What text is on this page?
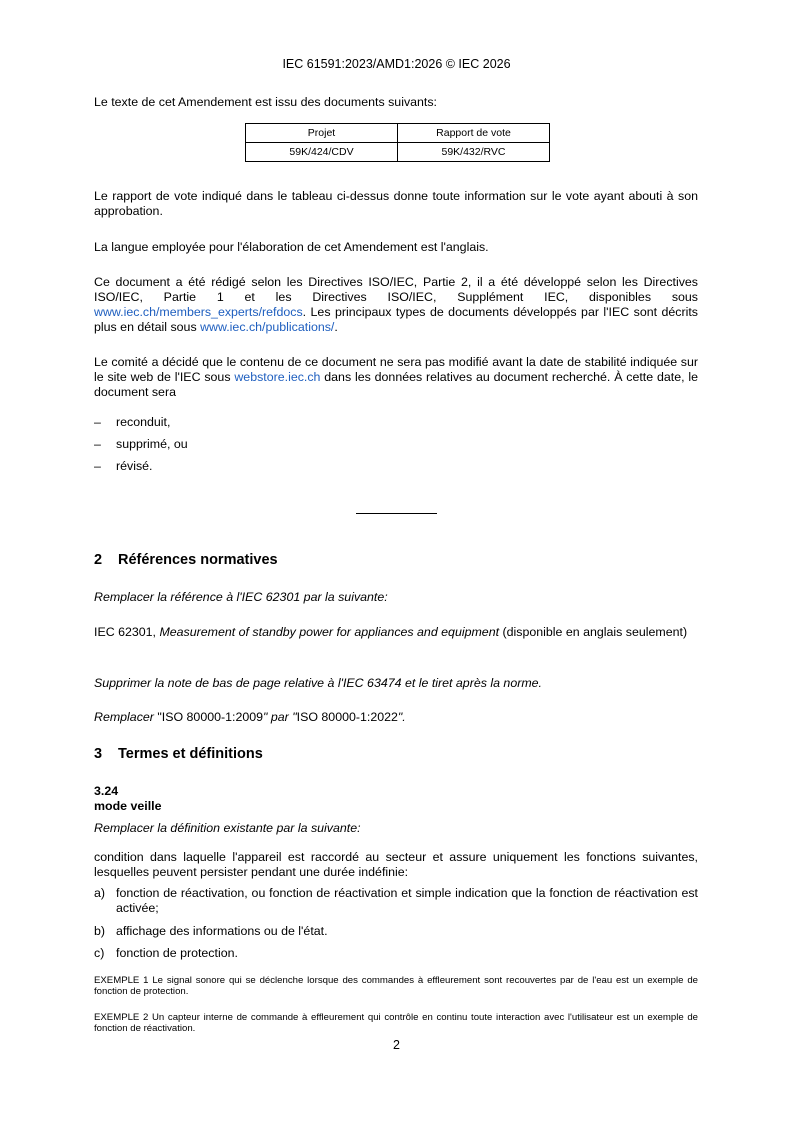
IEC 61591:2023/AMD1:2026 © IEC 2026

Le texte de cet Amendement est issu des documents suivants:

Projet	Rapport de vote
59K/424/CDV	59K/432/RVC

Le rapport de vote indiqué dans le tableau ci-dessus donne toute information sur le vote ayant abouti à son approbation.

La langue employée pour l'élaboration de cet Amendement est l'anglais.

Ce document a été rédigé selon les Directives ISO/IEC, Partie 2, il a été développé selon les Directives ISO/IEC, Partie 1 et les Directives ISO/IEC, Supplément IEC, disponibles sous www.iec.ch/members_experts/refdocs. Les principaux types de documents développés par l'IEC sont décrits plus en détail sous www.iec.ch/publications/.

Le comité a décidé que le contenu de ce document ne sera pas modifié avant la date de stabilité indiquée sur le site web de l'IEC sous webstore.iec.ch dans les données relatives au document recherché. À cette date, le document sera

– reconduit,
– supprimé, ou
– révisé.
2 Références normatives

Remplacer la référence à l'IEC 62301 par la suivante:

IEC 62301, Measurement of standby power for appliances and equipment (disponible en anglais seulement)

Supprimer la note de bas de page relative à l'IEC 63474 et le tiret après la norme.

Remplacer "ISO 80000-1:2009" par "ISO 80000-1:2022".

3 Termes et définitions

3.24

mode veille

Remplacer la définition existante par la suivante:

condition dans laquelle l'appareil est raccordé au secteur et assure uniquement les fonctions suivantes, lesquelles peuvent persister pendant une durée indéfinie:

a) fonction de réactivation, ou fonction de réactivation et simple indication que la fonction de réactivation est activée;
b) affichage des informations ou de l'état.
c) fonction de protection.

EXEMPLE 1 Le signal sonore qui se déclenche lorsque des commandes à effleurement sont recouvertes par de l'eau est un exemple de fonction de protection.

EXEMPLE 2 Un capteur interne de commande à effleurement qui contrôle en continu toute interaction avec l'utilisateur est un exemple de fonction de réactivation.

2
